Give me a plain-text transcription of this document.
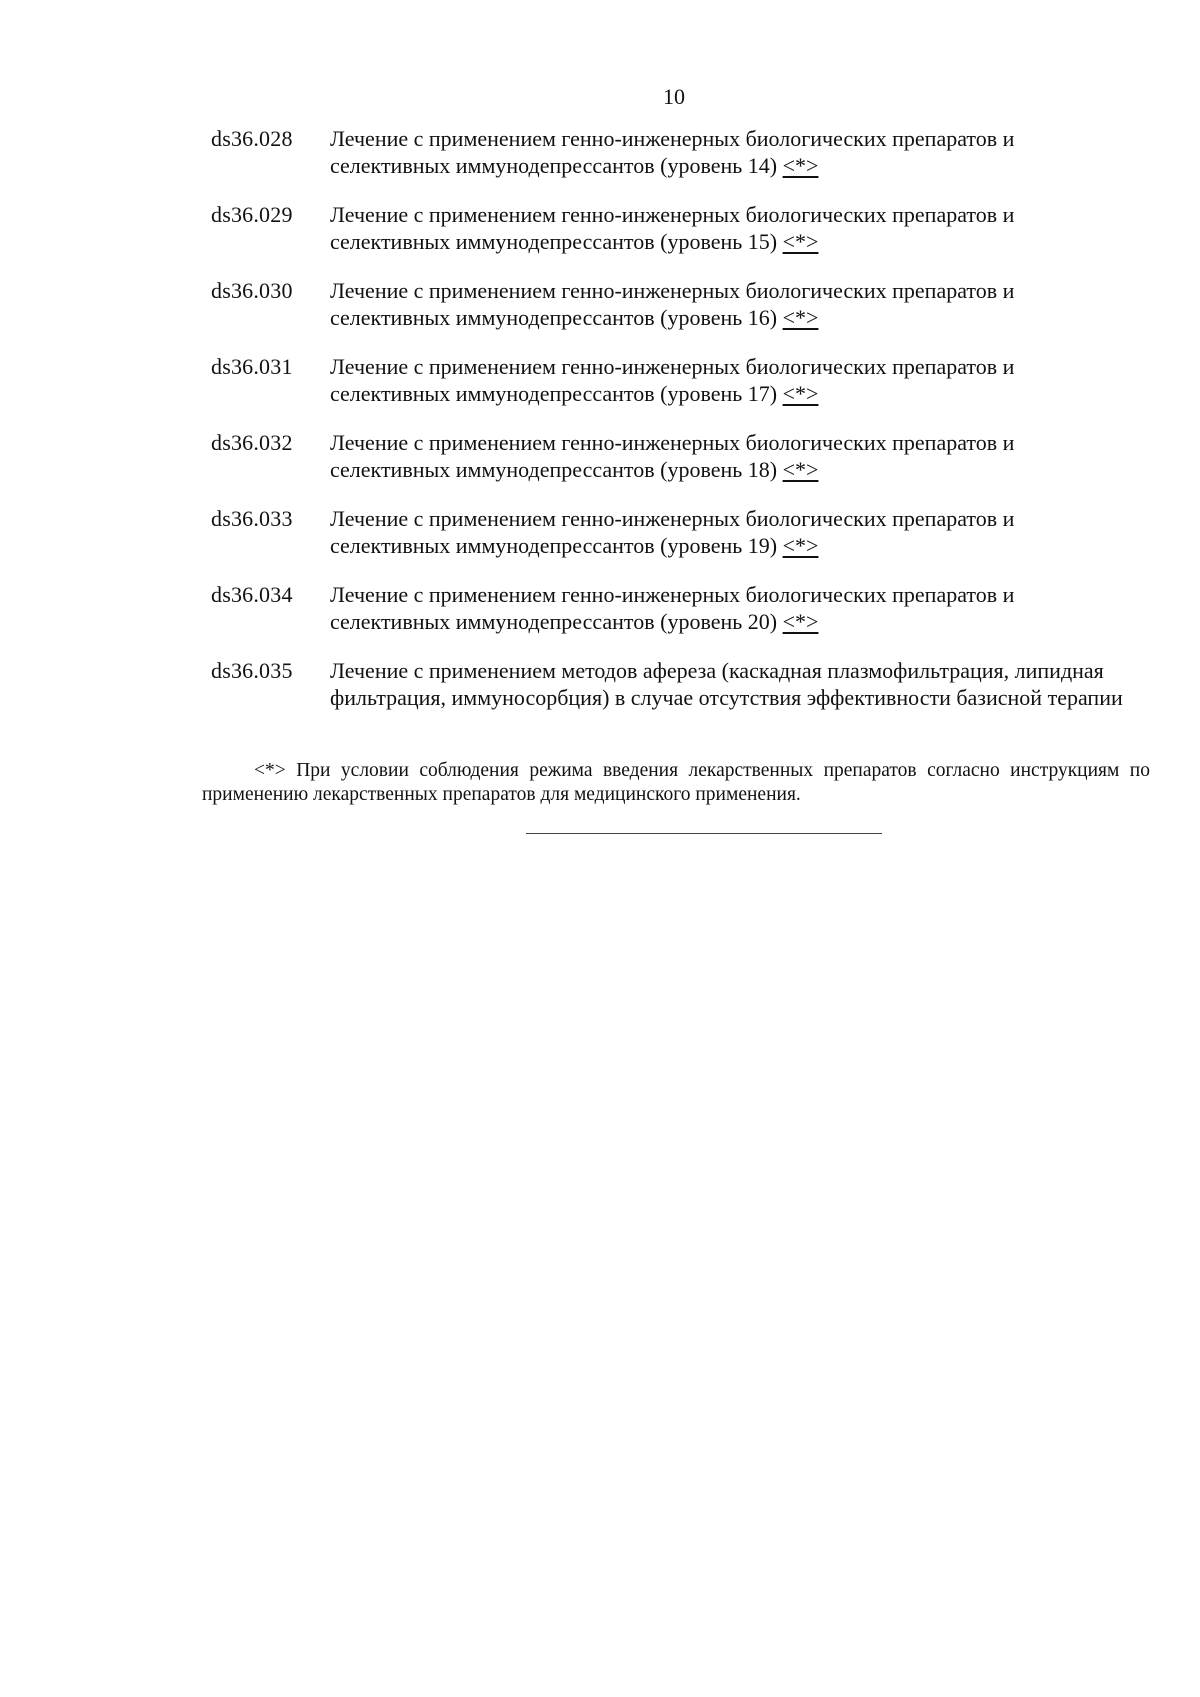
10
ds36.028 Лечение с применением генно-инженерных биологических препаратов и селективных иммунодепрессантов (уровень 14) <*>
ds36.029 Лечение с применением генно-инженерных биологических препаратов и селективных иммунодепрессантов (уровень 15) <*>
ds36.030 Лечение с применением генно-инженерных биологических препаратов и селективных иммунодепрессантов (уровень 16) <*>
ds36.031 Лечение с применением генно-инженерных биологических препаратов и селективных иммунодепрессантов (уровень 17) <*>
ds36.032 Лечение с применением генно-инженерных биологических препаратов и селективных иммунодепрессантов (уровень 18) <*>
ds36.033 Лечение с применением генно-инженерных биологических препаратов и селективных иммунодепрессантов (уровень 19) <*>
ds36.034 Лечение с применением генно-инженерных биологических препаратов и селективных иммунодепрессантов (уровень 20) <*>
ds36.035 Лечение с применением методов афереза (каскадная плазмофильтрация, липидная фильтрация, иммуносорбция) в случае отсутствия эффективности базисной терапии
<*> При условии соблюдения режима введения лекарственных препаратов согласно инструкциям по применению лекарственных препаратов для медицинского применения.
